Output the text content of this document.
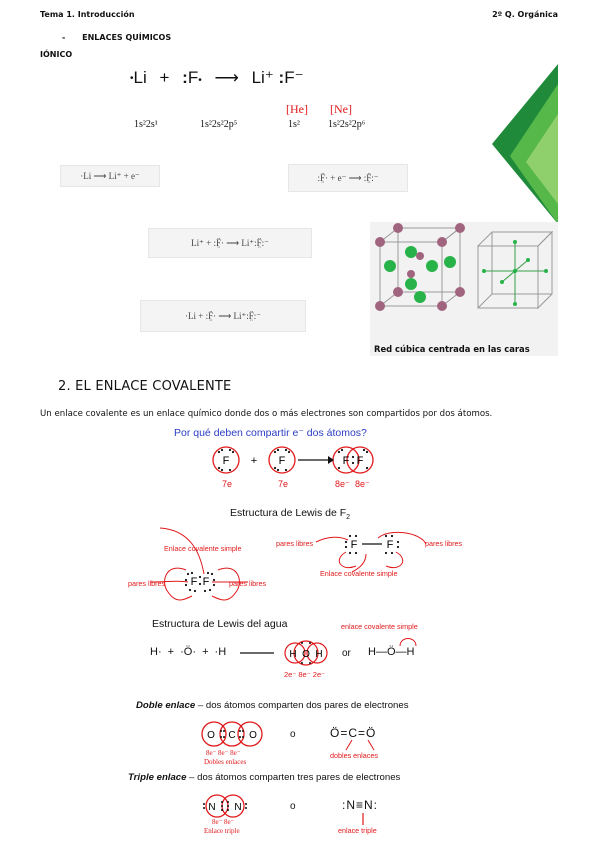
Tema 1. Introducción	2º Q. Orgánica
- ENLACES QUÍMICOS
IÓNICO
•Li + :F• ⟶ Li⁺ :F⁻
[He] [Ne]
1s²2s¹	1s²2s²2p⁵	1s²	1s²2s²2p⁶
·Li ⟶ Li⁺ + e⁻	:F̤̈· + e⁻ ⟶ :F̤̈:⁻
Li⁺ + :F̤̈· ⟶ Li⁺:F̤̈:⁻
·Li + :F̤̈· ⟶ Li⁺:F̤̈:⁻
Red cúbica centrada en las caras
2. EL ENLACE COVALENTE
Un enlace covalente es un enlace químico donde dos o más electrones son compartidos por dos átomos.
Por qué deben compartir e⁻ dos átomos?
F	F	F F
+
7e	7e	8e⁻ 8e⁻
Estructura de Lewis de $F_2$
F F
F	F
Enlace covalente simple
pares libres	pares libres
pares libres	pares libres
Enlace covalente simple
Estructura de Lewis del agua	enlace covalente simple
H· + ·Ö· + ·H	H O H or H—Ö—H
2e⁻ 8e⁻ 2e⁻
Doble enlace – dos átomos comparten dos pares de electrones
O C O
8e⁻ 8e⁻ 8e⁻
Dobles enlaces
o	Ö=C=Ö
dobles enlaces
Triple enlace – dos átomos comparten tres pares de electrones
N N
8e⁻ 8e⁻
Enlace triple
o	:N≡N:
enlace triple
